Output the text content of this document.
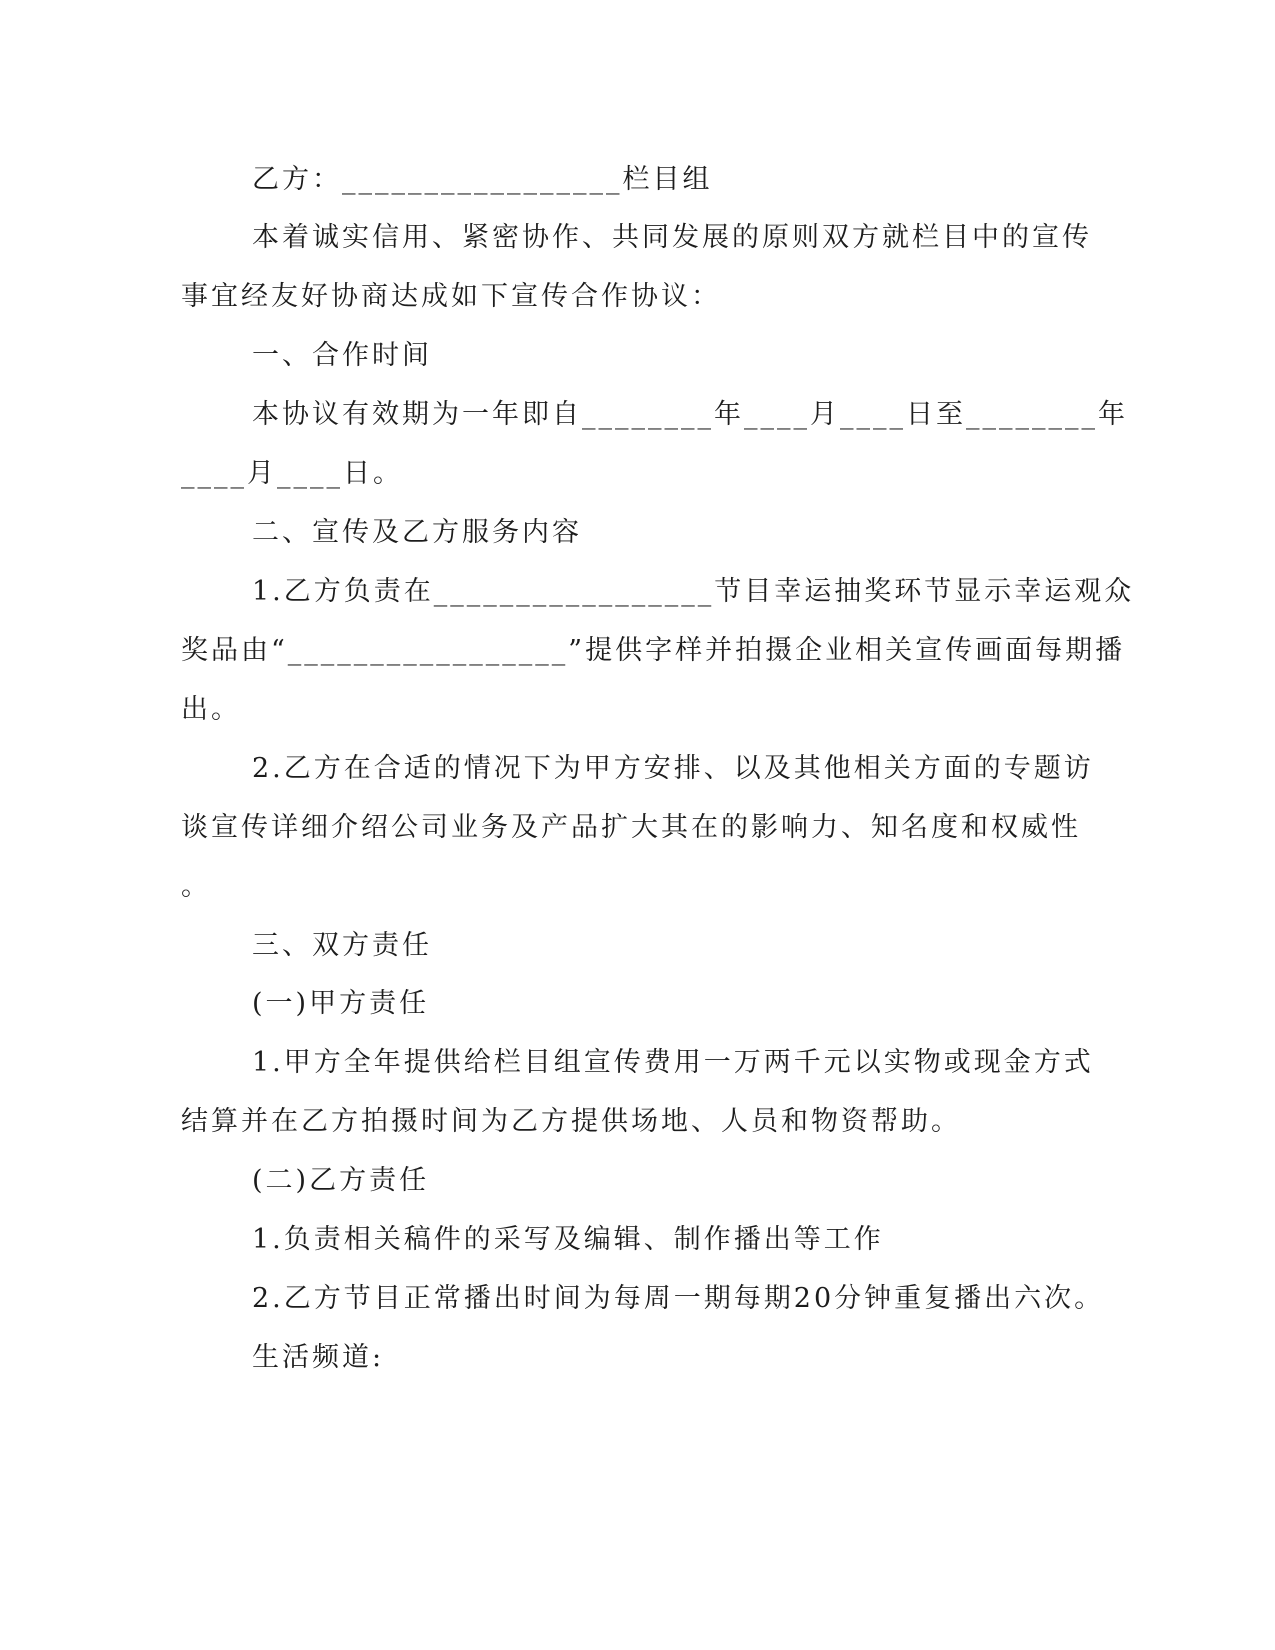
乙方：_________________栏目组
本着诚实信用、紧密协作、共同发展的原则双方就栏目中的宣传
事宜经友好协商达成如下宣传合作协议：
一、合作时间
本协议有效期为一年即自________年____月____日至________年
____月____日。
二、宣传及乙方服务内容
1.乙方负责在_________________节目幸运抽奖环节显示幸运观众
奖品由“_________________”提供字样并拍摄企业相关宣传画面每期播
出。
2.乙方在合适的情况下为甲方安排、以及其他相关方面的专题访
谈宣传详细介绍公司业务及产品扩大其在的影响力、知名度和权威性
。
三、双方责任
(一)甲方责任
1.甲方全年提供给栏目组宣传费用一万两千元以实物或现金方式
结算并在乙方拍摄时间为乙方提供场地、人员和物资帮助。
(二)乙方责任
1.负责相关稿件的采写及编辑、制作播出等工作
2.乙方节目正常播出时间为每周一期每期20分钟重复播出六次。
生活频道:
